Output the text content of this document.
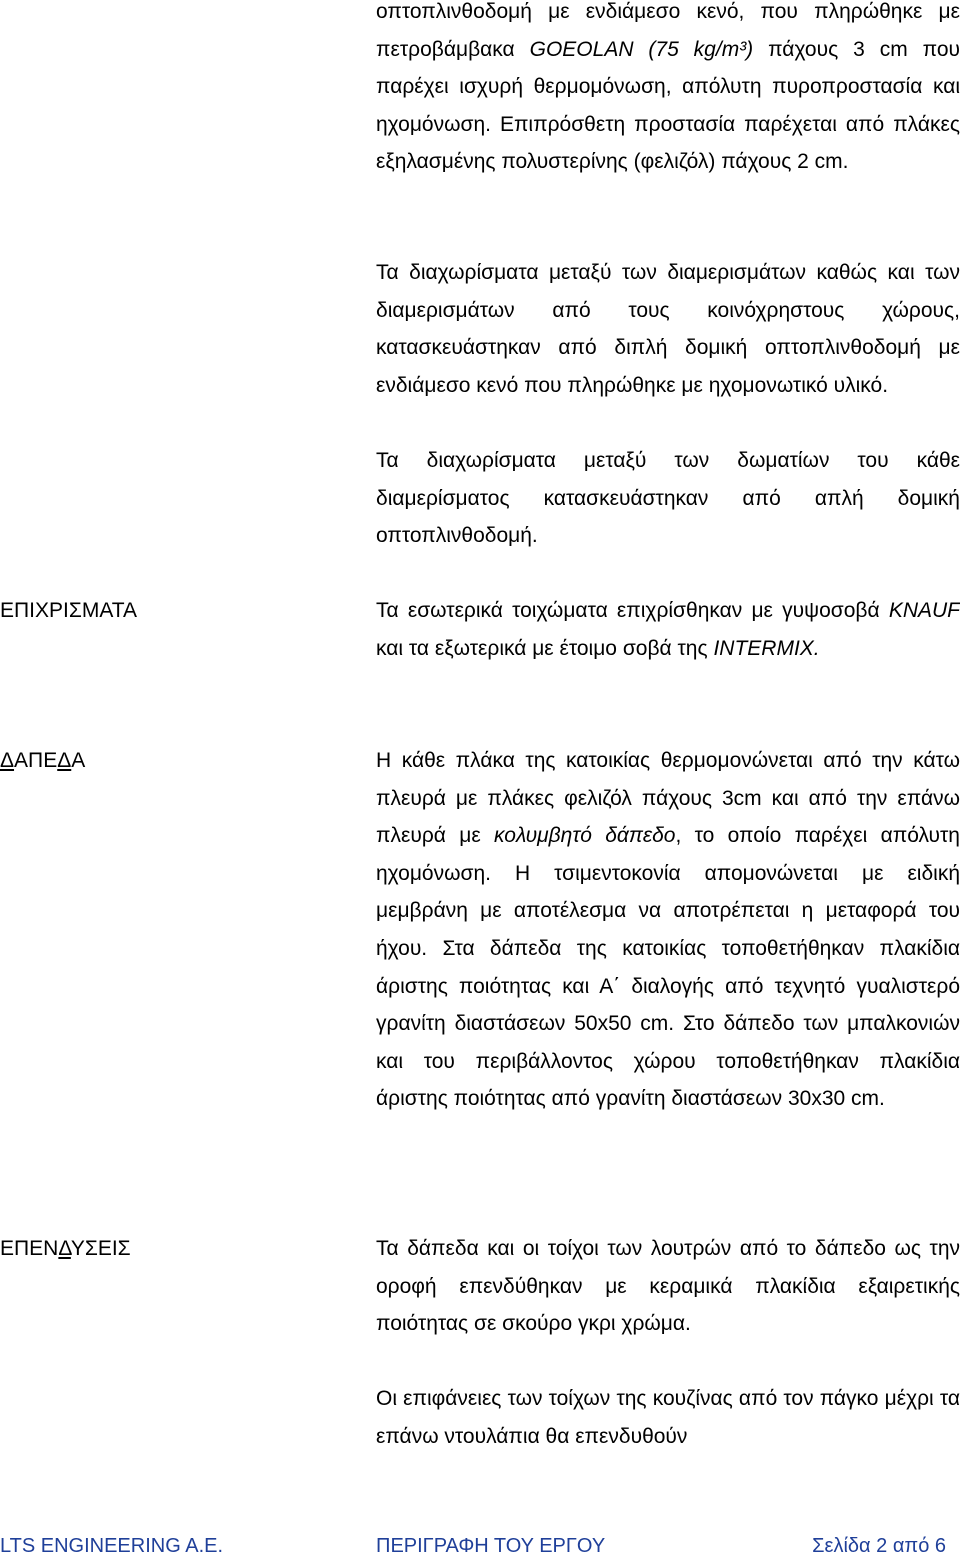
οπτοπλινθοδομή με ενδιάμεσο κενό, που πληρώθηκε με πετροβάμβακα GOEOLAN (75 kg/m³) πάχους 3 cm που παρέχει ισχυρή θερμομόνωση, απόλυτη πυροπροστασία και ηχομόνωση. Επιπρόσθετη προστασία παρέχεται από πλάκες εξηλασμένης πολυστερίνης (φελιζόλ) πάχους 2 cm.

Τα διαχωρίσματα μεταξύ των διαμερισμάτων καθώς και των διαμερισμάτων από τους κοινόχρηστους χώρους, κατασκευάστηκαν από διπλή δομική οπτοπλινθοδομή με ενδιάμεσο κενό που πληρώθηκε με ηχομονωτικό υλικό.

Τα διαχωρίσματα μεταξύ των δωματίων του κάθε διαμερίσματος κατασκευάστηκαν από απλή δομική οπτοπλινθοδομή.

ΕΠΙΧΡΙΣΜΑΤΑ	Τα εσωτερικά τοιχώματα επιχρίσθηκαν με γυψοσοβά KNAUF και τα εξωτερικά με έτοιμο σοβά της INTERMIX.

ΔΑΠΕΔΑ	Η κάθε πλάκα της κατοικίας θερμομονώνεται από την κάτω πλευρά με πλάκες φελιζόλ πάχους 3cm και από την επάνω πλευρά με κολυμβητό δάπεδο, το οποίο παρέχει απόλυτη ηχομόνωση. Η τσιμεντοκονία απομονώνεται με ειδική μεμβράνη με αποτέλεσμα να αποτρέπεται η μεταφορά του ήχου. Στα δάπεδα της κατοικίας τοποθετήθηκαν πλακίδια άριστης ποιότητας και Α΄ διαλογής από τεχνητό γυαλιστερό γρανίτη διαστάσεων 50x50 cm. Στο δάπεδο των μπαλκονιών και του περιβάλλοντος χώρου τοποθετήθηκαν πλακίδια άριστης ποιότητας από γρανίτη διαστάσεων 30x30 cm.

ΕΠΕΝΔΥΣΕΙΣ	Τα δάπεδα και οι τοίχοι των λουτρών από το δάπεδο ως την οροφή επενδύθηκαν με κεραμικά πλακίδια εξαιρετικής ποιότητας σε σκούρο γκρι χρώμα.

Οι επιφάνειες των τοίχων της κουζίνας από τον πάγκο μέχρι τα επάνω ντουλάπια θα επενδυθούν

LTS ENGINEERING A.E.	ΠΕΡΙΓΡΑΦΗ ΤΟΥ ΕΡΓΟΥ	Σελίδα 2 από 6
